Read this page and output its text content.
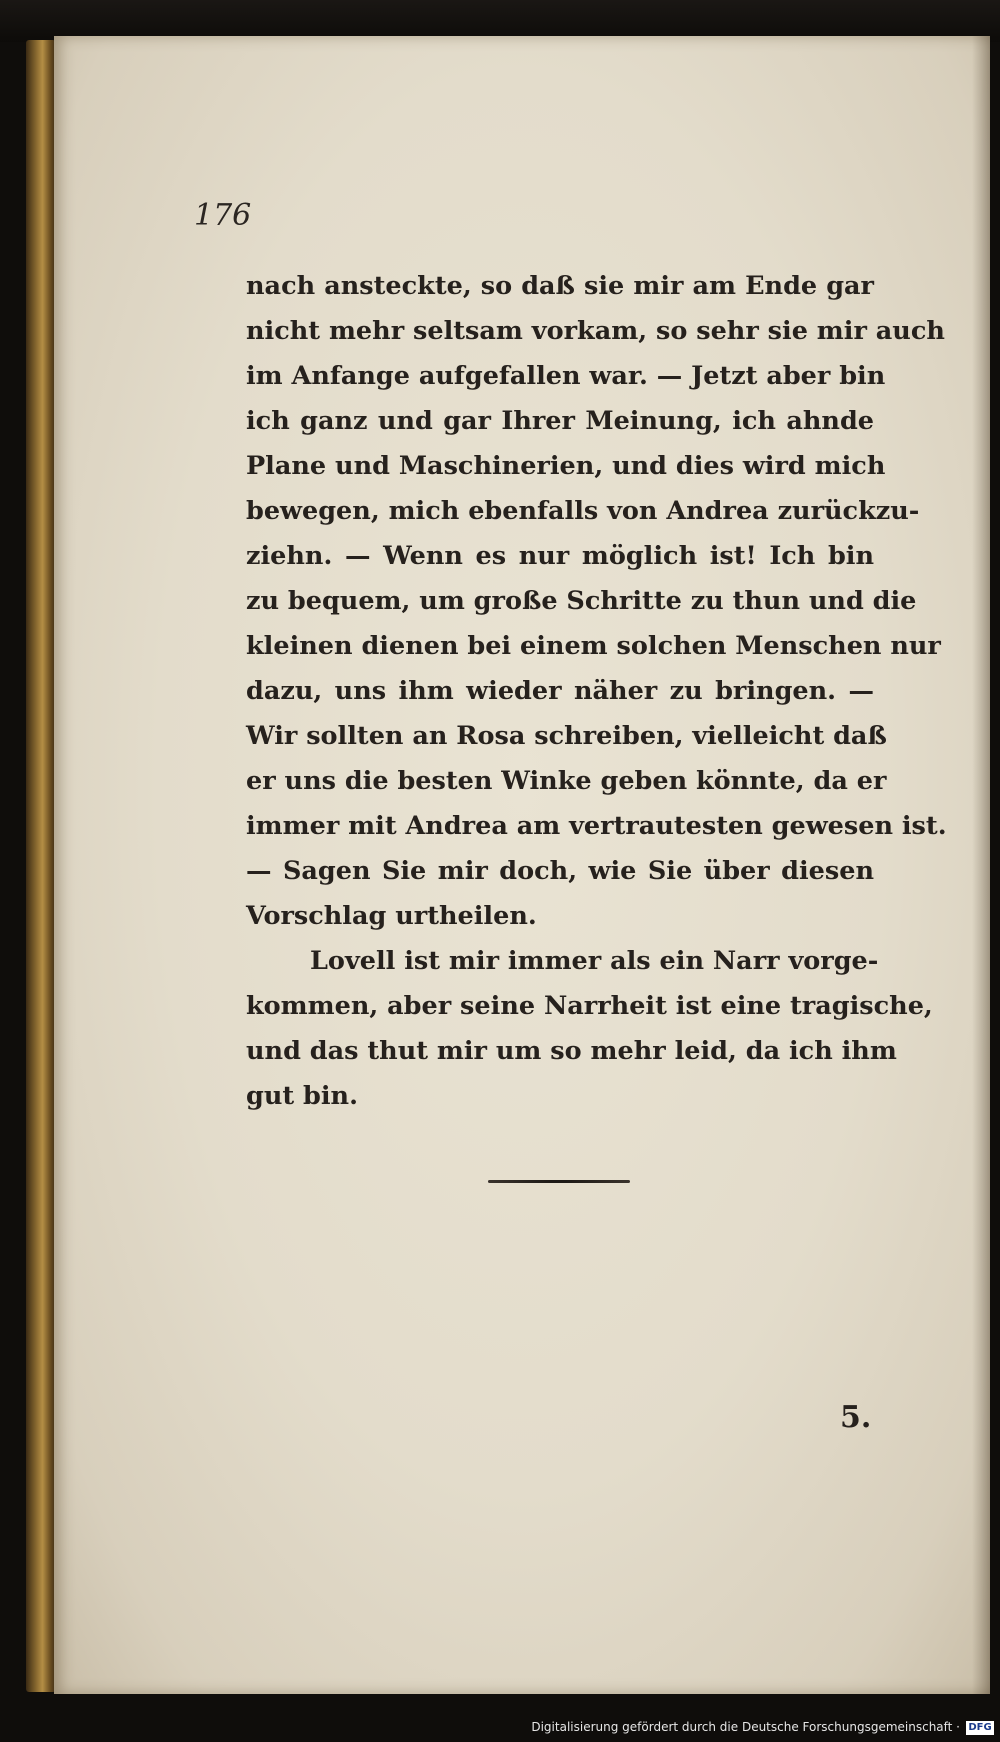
176

nach ansteckte, so daß sie mir am Ende gar
nicht mehr seltsam vorkam, so sehr sie mir auch
im Anfange aufgefallen war. — Jetzt aber bin
ich ganz und gar Ihrer Meinung, ich ahnde
Plane und Maschinerien, und dies wird mich
bewegen, mich ebenfalls von Andrea zurückzu-
ziehn. — Wenn es nur möglich ist! Ich bin
zu bequem, um große Schritte zu thun und die
kleinen dienen bei einem solchen Menschen nur
dazu, uns ihm wieder näher zu bringen. —
Wir sollten an Rosa schreiben, vielleicht daß
er uns die besten Winke geben könnte, da er
immer mit Andrea am vertrautesten gewesen ist.
— Sagen Sie mir doch, wie Sie über diesen
Vorschlag urtheilen.
Lovell ist mir immer als ein Narr vorge-
kommen, aber seine Narrheit ist eine tragische,
und das thut mir um so mehr leid, da ich ihm
gut bin.

5.

Digitalisierung gefördert durch die Deutsche Forschungsgemeinschaft · DFG
